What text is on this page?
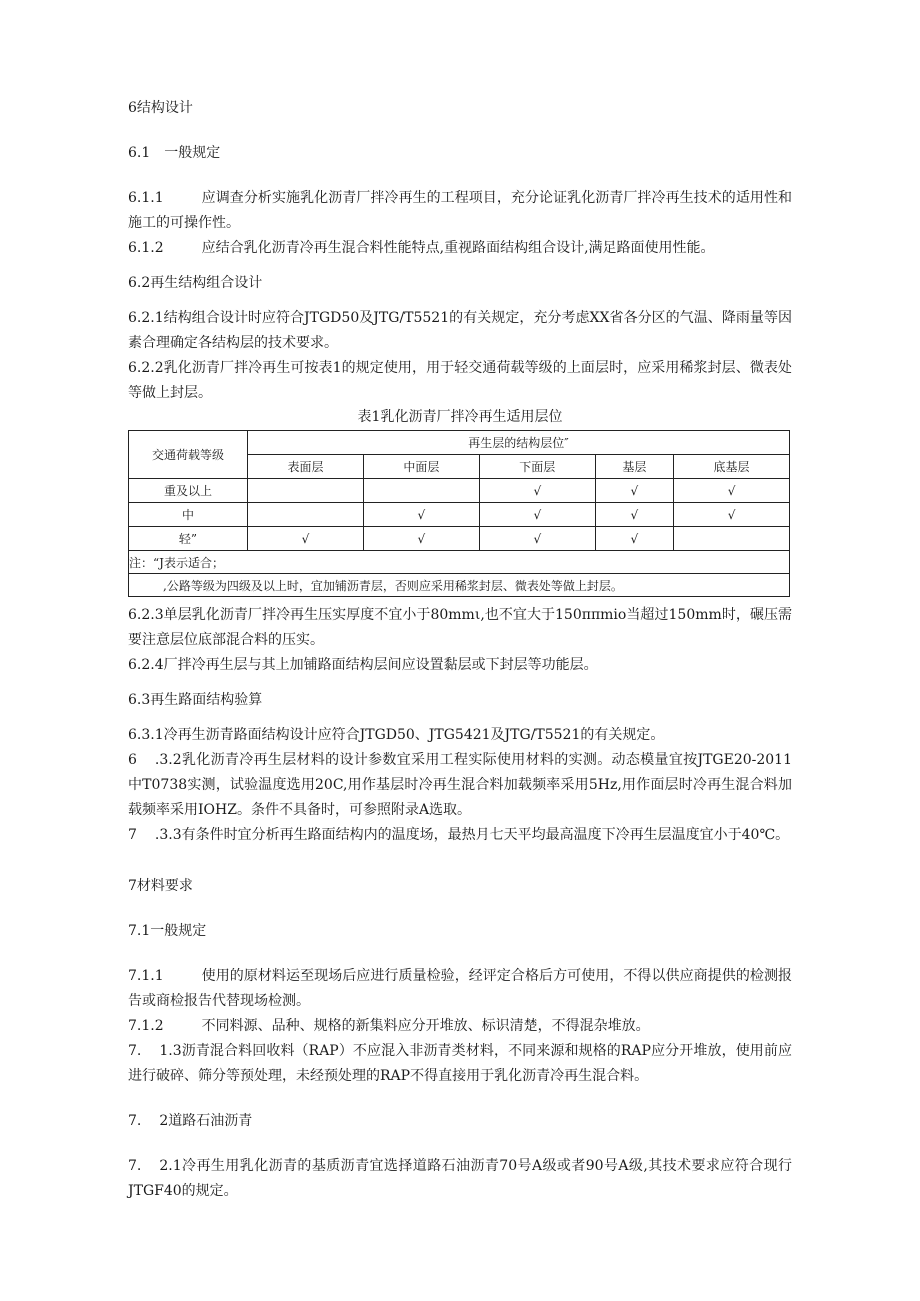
6结构设计

6.1　一般规定

6.1.1	应调查分析实施乳化沥青厂拌冷再生的工程项目，充分论证乳化沥青厂拌冷再生技术的适用性和施工的可操作性。

6.1.2	应结合乳化沥青冷再生混合料性能特点,重视路面结构组合设计,满足路面使用性能。

6.2再生结构组合设计

6.2.1结构组合设计时应符合JTGD50及JTG/T5521的有关规定，充分考虑XX省各分区的气温、降雨量等因素合理确定各结构层的技术要求。

6.2.2乳化沥青厂拌冷再生可按表1的规定使用，用于轻交通荷载等级的上面层时，应采用稀浆封层、微表处等做上封层。

表1乳化沥青厂拌冷再生适用层位

交通荷载等级	再生层的结构层位″				
	表面层	中面层	下面层	基层	底基层
重及以上			√	√	√
中		√	√	√	√
轻”	√	√	√	√	
注：“J表示适合；					
,公路等级为四级及以上时，宜加铺沥青层，否则应采用稀浆封层、微表处等做上封层。					

6.2.3单层乳化沥青厂拌冷再生压实厚度不宜小于80mmι,也不宜大于150ππmio当超过150mm时，碾压需要注意层位底部混合料的压实。

6.2.4厂拌冷再生层与其上加铺路面结构层间应设置黏层或下封层等功能层。

6.3再生路面结构验算

6.3.1冷再生沥青路面结构设计应符合JTGD50、JTG5421及JTG/T5521的有关规定。

6 .3.2乳化沥青冷再生层材料的设计参数宜采用工程实际使用材料的实测。动态模量宜按JTGE20-2011中T0738实测，试验温度选用20C,用作基层时冷再生混合料加载频率采用5Hz,用作面层时冷再生混合料加载频率采用IOHZ。条件不具备时，可参照附录A选取。

7 .3.3有条件时宜分析再生路面结构内的温度场，最热月七天平均最高温度下冷再生层温度宜小于40℃。

7材料要求

7.1一般规定

7.1.1	使用的原材料运至现场后应进行质量检验，经评定合格后方可使用，不得以供应商提供的检测报告或商检报告代替现场检测。

7.1.2	不同料源、品种、规格的新集料应分开堆放、标识清楚，不得混杂堆放。

7. 1.3沥青混合料回收料（RAP）不应混入非沥青类材料，不同来源和规格的RAP应分开堆放，使用前应进行破碎、筛分等预处理，未经预处理的RAP不得直接用于乳化沥青冷再生混合料。

7. 2道路石油沥青

7. 2.1冷再生用乳化沥青的基质沥青宜选择道路石油沥青70号A级或者90号A级,其技术要求应符合现行JTGF40的规定。
